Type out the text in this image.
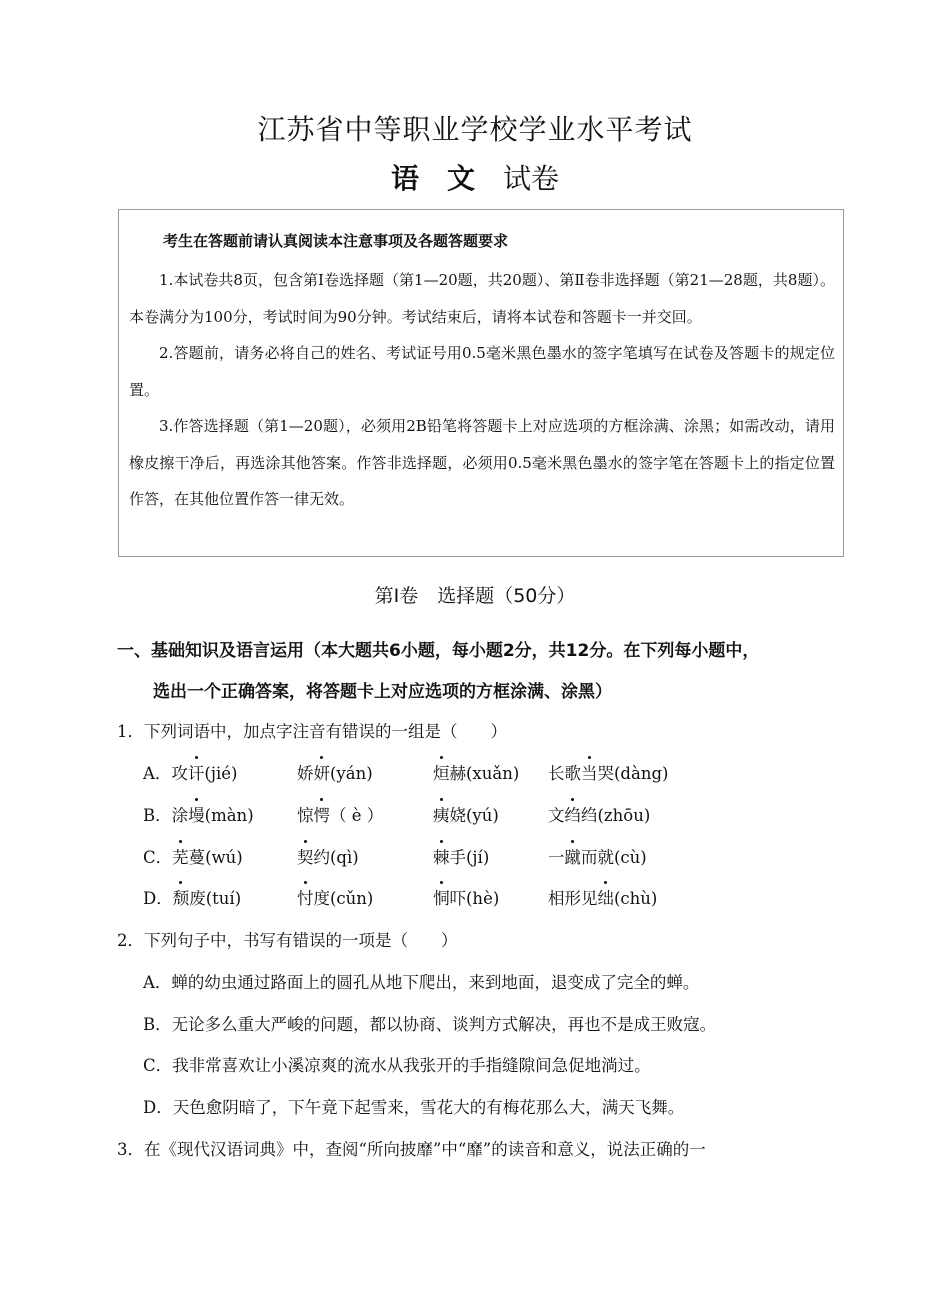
江苏省中等职业学校学业水平考试
语文试卷
考生在答题前请认真阅读本注意事项及各题答题要求

1.本试卷共8页，包含第Ⅰ卷选择题（第1—20题，共20题）、第Ⅱ卷非选择题（第21—28题，共8题）。本卷满分为100分，考试时间为90分钟。考试结束后，请将本试卷和答题卡一并交回。

2.答题前，请务必将自己的姓名、考试证号用0.5毫米黑色墨水的签字笔填写在试卷及答题卡的规定位置。

3.作答选择题（第1—20题），必须用2B铅笔将答题卡上对应选项的方框涂满、涂黑；如需改动，请用橡皮擦干净后，再选涂其他答案。作答非选择题，必须用0.5毫米黑色墨水的签字笔在答题卡上的指定位置作答，在其他位置作答一律无效。

第Ⅰ卷　选择题（50分）
一、基础知识及语言运用（本大题共6小题，每小题2分，共12分。在下列每小题中，
选出一个正确答案，将答题卡上对应选项的方框涂满、涂黑）
1．下列词语中，加点字注音有错误的一组是（　　）
A．攻讦(jié)	娇妍(yán)	烜赫(xuǎn) 长歌当哭(dàng)
B．涂墁(màn)	惊愕（ è ）	痍娆(yú)	文绉绉(zhōu)
C．芜蔓(wú)	契约(qì)	棘手(jí)	一蹴而就(cù)
D．颓废(tuí)	忖度(cǔn)	恫吓(hè)	相形见绌(chù)
2．下列句子中，书写有错误的一项是（　　）
A．蝉的幼虫通过路面上的圆孔从地下爬出，来到地面，退变成了完全的蝉。
B．无论多么重大严峻的问题，都以协商、谈判方式解决，再也不是成王败寇。
C．我非常喜欢让小溪凉爽的流水从我张开的手指缝隙间急促地淌过。
D．天色愈阴暗了，下午竟下起雪来，雪花大的有梅花那么大，满天飞舞。
3．在《现代汉语词典》中，查阅“所向披靡”中“靡”的读音和意义，说法正确的一
